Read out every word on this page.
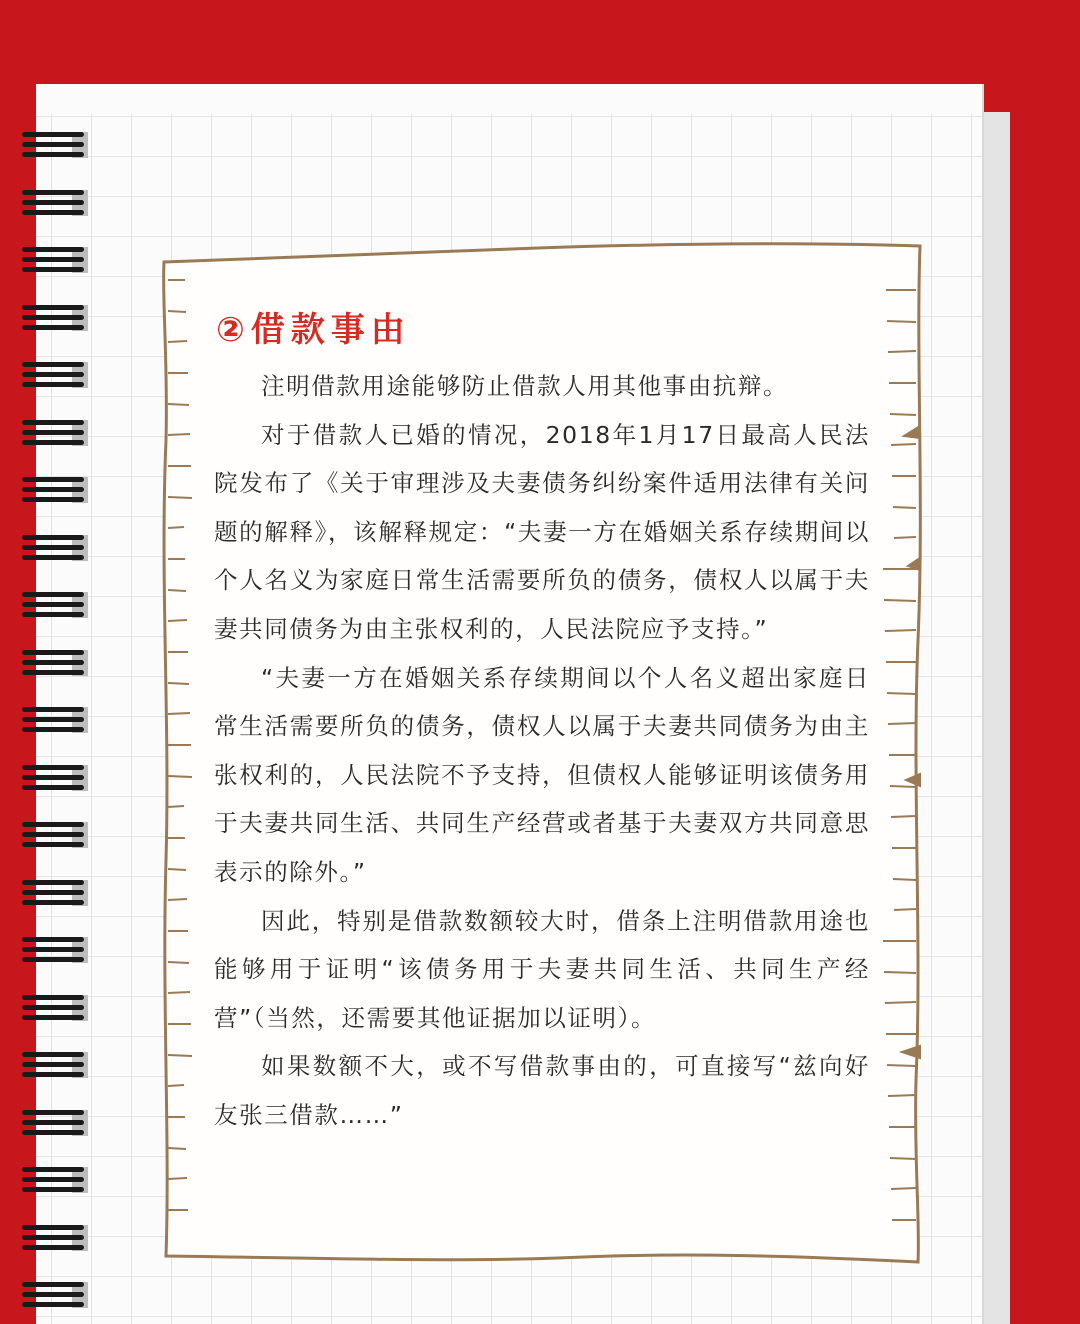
②借款事由

注明借款用途能够防止借款人用其他事由抗辩。

对于借款人已婚的情况，2018年1月17日最高人民法院发布了《关于审理涉及夫妻债务纠纷案件适用法律有关问题的解释》，该解释规定：“夫妻一方在婚姻关系存续期间以个人名义为家庭日常生活需要所负的债务，债权人以属于夫妻共同债务为由主张权利的，人民法院应予支持。”

“夫妻一方在婚姻关系存续期间以个人名义超出家庭日常生活需要所负的债务，债权人以属于夫妻共同债务为由主张权利的，人民法院不予支持，但债权人能够证明该债务用于夫妻共同生活、共同生产经营或者基于夫妻双方共同意思表示的除外。”

因此，特别是借款数额较大时，借条上注明借款用途也能够用于证明“该债务用于夫妻共同生活、共同生产经营”（当然，还需要其他证据加以证明）。

如果数额不大，或不写借款事由的，可直接写“兹向好友张三借款……”
